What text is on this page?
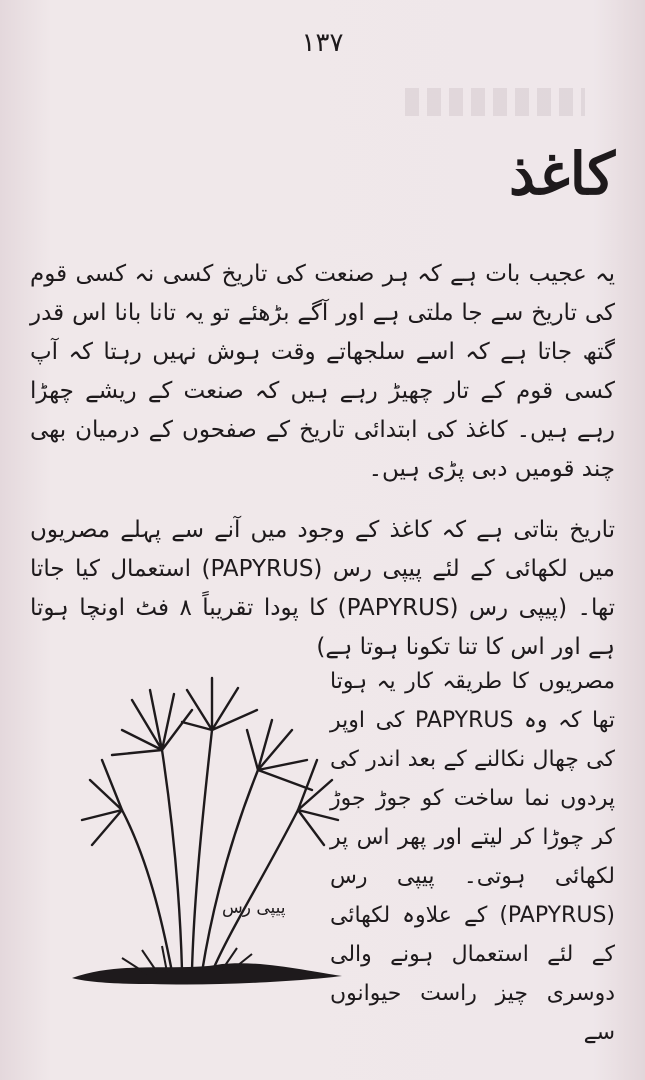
۱۳۷
کاغذ

یہ عجیب بات ہے کہ ہر صنعت کی تاریخ کسی نہ کسی قوم کی تاریخ سے جا ملتی ہے اور آگے بڑھئے تو یہ تانا بانا اس قدر گتھ جاتا ہے کہ اسے سلجھاتے وقت ہوش نہیں رہتا کہ آپ کسی قوم کے تار چھیڑ رہے ہیں کہ صنعت کے ریشے چھڑا رہے ہیں۔ کاغذ کی ابتدائی تاریخ کے صفحوں کے درمیان بھی چند قومیں دبی پڑی ہیں۔

تاریخ بتاتی ہے کہ کاغذ کے وجود میں آنے سے پہلے مصریوں میں لکھائی کے لئے پیپی رس (PAPYRUS) استعمال کیا جاتا تھا۔ (پیپی رس (PAPYRUS) کا پودا تقریباً ۸ فٹ اونچا ہوتا ہے اور اس کا تنا تکونا ہوتا ہے)

مصریوں کا طریقہ کار یہ ہوتا تھا کہ وہ PAPYRUS کی اوپر کی چھال نکالنے کے بعد اندر کی پردوں نما ساخت کو جوڑ جوڑ کر چوڑا کر لیتے اور پھر اس پر لکھائی ہوتی۔ پیپی رس (PAPYRUS) کے علاوہ لکھائی کے لئے استعمال ہونے والی دوسری چیز راست حیوانوں سے

پیپی رس
